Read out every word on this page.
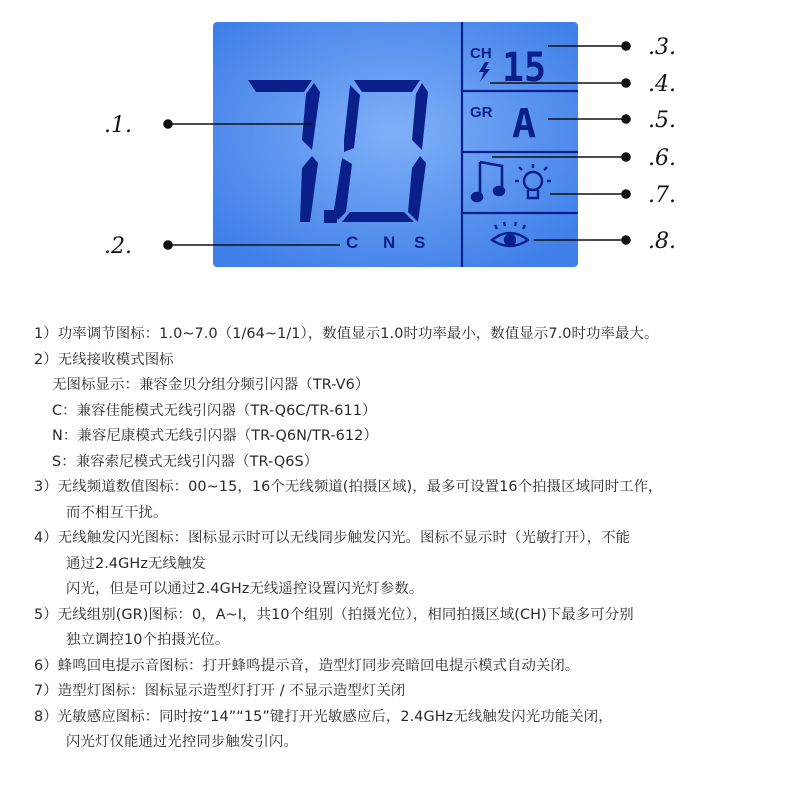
C N S
CH 15
GR A
.1.
.2.
.3.
.4.
.5.
.6.
.7.
.8.
1）功率调节图标：1.0~7.0（1/64~1/1），数值显示1.0时功率最小，数值显示7.0时功率最大。
2）无线接收模式图标
无图标显示：兼容金贝分组分频引闪器（TR-V6）
C：兼容佳能模式无线引闪器（TR-Q6C/TR-611）
N：兼容尼康模式无线引闪器（TR-Q6N/TR-612）
S：兼容索尼模式无线引闪器（TR-Q6S）
3）无线频道数值图标：00~15，16个无线频道(拍摄区域)，最多可设置16个拍摄区域同时工作，
而不相互干扰。
4）无线触发闪光图标：图标显示时可以无线同步触发闪光。图标不显示时（光敏打开），不能
通过2.4GHz无线触发
闪光，但是可以通过2.4GHz无线遥控设置闪光灯参数。
5）无线组别(GR)图标：0，A~I，共10个组别（拍摄光位），相同拍摄区域(CH)下最多可分别
独立调控10个拍摄光位。
6）蜂鸣回电提示音图标：打开蜂鸣提示音，造型灯同步亮暗回电提示模式自动关闭。
7）造型灯图标：图标显示造型灯打开 / 不显示造型灯关闭
8）光敏感应图标：同时按“14”“15”键打开光敏感应后，2.4GHz无线触发闪光功能关闭，
闪光灯仅能通过光控同步触发引闪。
